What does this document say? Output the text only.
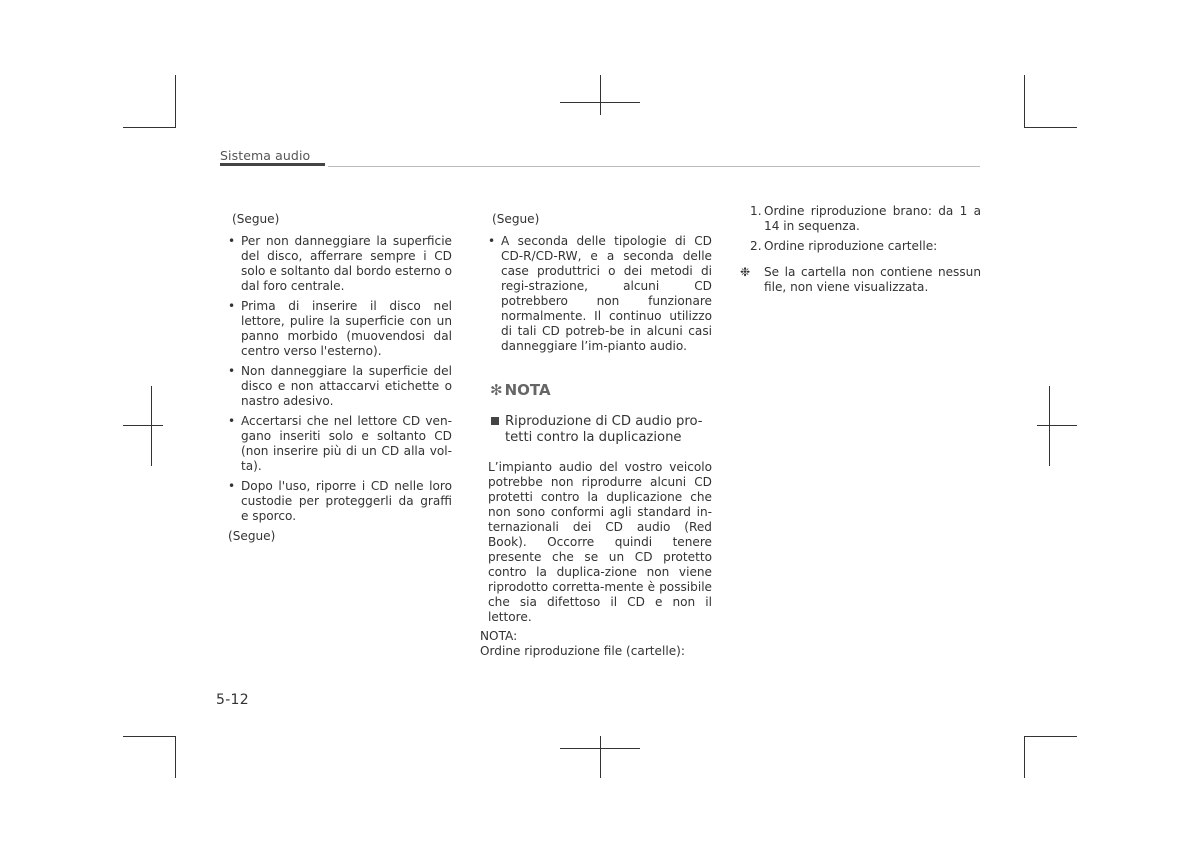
Sistema audio
(Segue)
• Per non danneggiare la superficie del disco, afferrare sempre i CD solo e soltanto dal bordo esterno o dal foro centrale.
• Prima di inserire il disco nel lettore, pulire la superficie con un panno morbido (muovendosi dal centro verso l'esterno).
• Non danneggiare la superficie del disco e non attaccarvi etichette o nastro adesivo.
• Accertarsi che nel lettore CD ven-gano inseriti solo e soltanto CD (non inserire più di un CD alla vol-ta).
• Dopo l'uso, riporre i CD nelle loro custodie per proteggerli da graffi e sporco.
(Segue)
(Segue)
• A seconda delle tipologie di CD CD-R/CD-RW, e a seconda delle case produttrici o dei metodi di regi-strazione, alcuni CD potrebbero non funzionare normalmente. Il continuo utilizzo di tali CD potreb-be in alcuni casi danneggiare l’im-pianto audio.
✻ NOTA
Riproduzione di CD audio pro-tetti contro la duplicazione
L’impianto audio del vostro veicolo potrebbe non riprodurre alcuni CD protetti contro la duplicazione che non sono conformi agli standard in-ternazionali dei CD audio (Red Book). Occorre quindi tenere presente che se un CD protetto contro la duplica-zione non viene riprodotto corretta-mente è possibile che sia difettoso il CD e non il lettore.
NOTA:
Ordine riproduzione file (cartelle):
1. Ordine riproduzione brano: da 1 a 14 in sequenza.
2. Ordine riproduzione cartelle:
❉ Se la cartella non contiene nessun file, non viene visualizzata.
5-12
